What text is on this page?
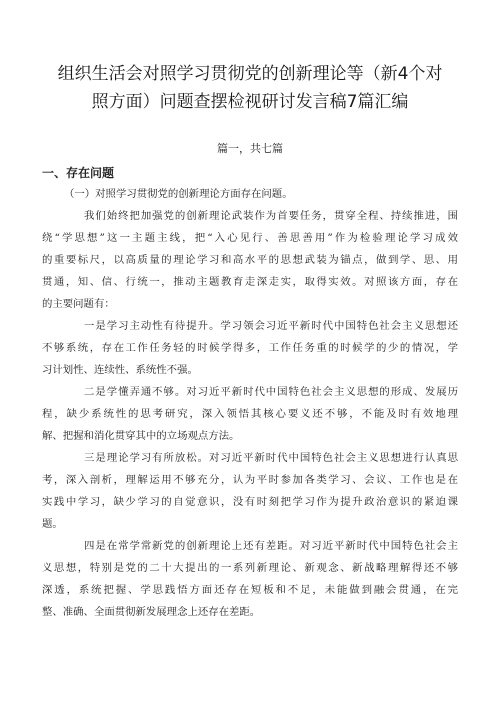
组织生活会对照学习贯彻党的创新理论等（新4个对
照方面）问题查摆检视研讨发言稿7篇汇编
篇一，共七篇
一、存在问题

（一）对照学习贯彻党的创新理论方面存在问题。

我们始终把加强党的创新理论武装作为首要任务，贯穿全程、持续推进，围
绕“学思想”这一主题主线，把“入心见行、善思善用”作为检验理论学习成效
的重要标尺，以高质量的理论学习和高水平的思想武装为锚点，做到学、思、用
贯通，知、信、行统一，推动主题教育走深走实，取得实效。对照该方面，存在
的主要问题有：

一是学习主动性有待提升。学习领会习近平新时代中国特色社会主义思想还
不够系统，存在工作任务轻的时候学得多，工作任务重的时候学的少的情况，学
习计划性、连续性、系统性不强。

二是学懂弄通不够。对习近平新时代中国特色社会主义思想的形成、发展历
程，缺少系统性的思考研究，深入领悟其核心要义还不够，不能及时有效地理
解、把握和消化贯穿其中的立场观点方法。

三是理论学习有所放松。对习近平新时代中国特色社会主义思想进行认真思
考，深入剖析，理解运用不够充分，认为平时参加各类学习、会议、工作也是在
实践中学习，缺少学习的自觉意识，没有时刻把学习作为提升政治意识的紧迫课
题。

四是在常学常新党的创新理论上还有差距。对习近平新时代中国特色社会主
义思想，特别是党的二十大提出的一系列新理论、新观念、新战略理解得还不够
深透，系统把握、学思践悟方面还存在短板和不足，未能做到融会贯通，在完
整、准确、全面贯彻新发展理念上还存在差距。
